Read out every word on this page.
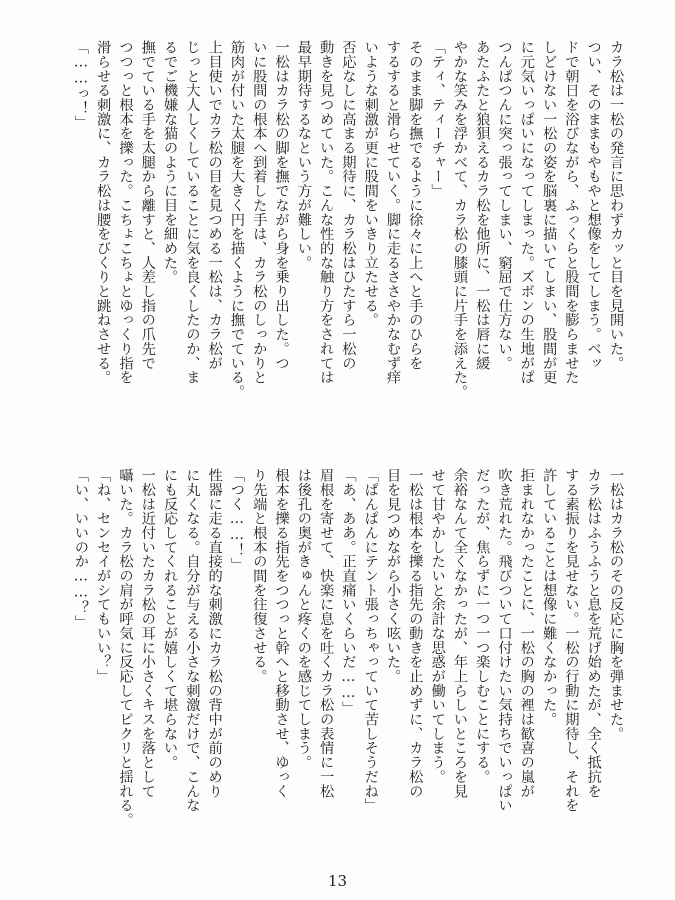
カラ松は一松の発言に思わずカッと目を見開いた。
つい、そのままもやもやと想像をしてしまう。ベッ
ドで朝日を浴びながら、ふっくらと股間を膨らませた
しどけない一松の姿を脳裏に描いてしまい、股間が更
に元気いっぱいになってしまった。ズボンの生地がぱ
つんぱつんに突っ張ってしまい、窮屈で仕方ない。
あたふたと狼狽えるカラ松を他所に、一松は唇に緩
やかな笑みを浮かべて、カラ松の膝頭に片手を添えた。
「ティ、ティーチャー」
そのまま脚を撫でるように徐々に上へと手のひらを
するすると滑らせていく。脚に走るささやかなむず痒
いような刺激が更に股間をいきり立たせる。
否応なしに高まる期待に、カラ松はひたすら一松の
動きを見つめていた。こんな性的な触り方をされては
最早期待するなという方が難しい。
一松はカラ松の脚を撫でながら身を乗り出した。つ
いに股間の根本へ到着した手は、カラ松のしっかりと
筋肉が付いた太腿を大きく円を描くように撫でている。
上目使いでカラ松の目を見つめる一松は、カラ松が
じっと大人しくしていることに気を良くしたのか、ま
るでご機嫌な猫のように目を細めた。
撫でている手を太腿から離すと、人差し指の爪先で
つつっと根本を擽った。こちょこちょとゆっくり指を
滑らせる刺激に、カラ松は腰をびくりと跳ねさせる。
「……っ！」
一松はカラ松のその反応に胸を弾ませた。
カラ松はふうふうと息を荒げ始めたが、全く抵抗を
する素振りを見せない。一松の行動に期待し、それを
許していることは想像に難くなかった。
拒まれなかったことに、一松の胸の裡は歓喜の嵐が
吹き荒れた。飛びついて口付けたい気持ちでいっぱい
だったが、焦らずに一つ一つ楽しむことにする。
余裕なんて全くなかったが、年上らしいところを見
せて甘やかしたいと余計な思惑が働いてしまう。
一松は根本を擽る指先の動きを止めずに、カラ松の
目を見つめながら小さく呟いた。
「ぱんぱんにテント張っちゃっていて苦しそうだね」
「あ、ああ。正直痛いくらいだ……」
眉根を寄せて、快楽に息を吐くカラ松の表情に一松
は後孔の奥がきゅんと疼くのを感じてしまう。
根本を擽る指先をつつっと幹へと移動させ、ゆっく
り先端と根本の間を往復させる。
「つく……！」
性器に走る直接的な刺激にカラ松の背中が前のめり
に丸くなる。自分が与える小さな刺激だけで、こんな
にも反応してくれることが嬉しくて堪らない。
一松は近付いたカラ松の耳に小さくキスを落として
囁いた。カラ松の肩が呼気に反応してピクリと揺れる。
「ね、センセイがシてもいい？」
「い、いいのか……？」
13
